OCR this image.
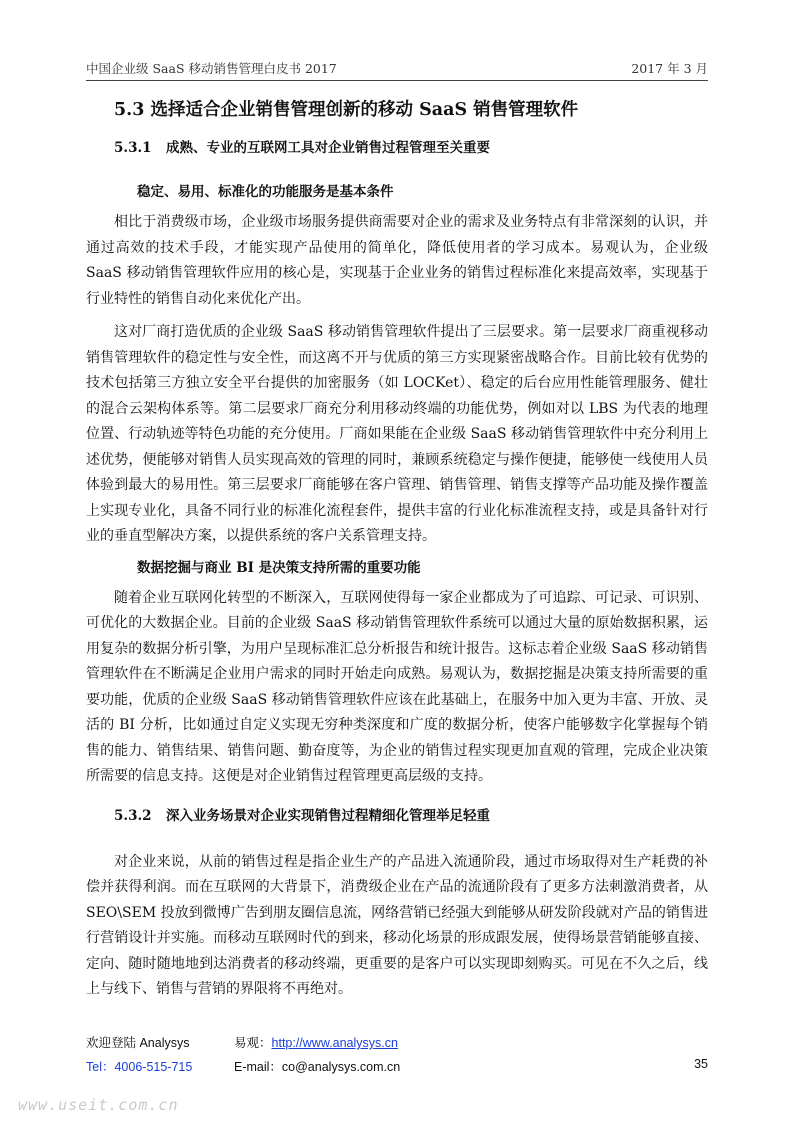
中国企业级 SaaS 移动销售管理白皮书 2017	2017 年 3 月
5.3 选择适合企业销售管理创新的移动 SaaS 销售管理软件
5.3.1 成熟、专业的互联网工具对企业销售过程管理至关重要
稳定、易用、标准化的功能服务是基本条件

相比于消费级市场，企业级市场服务提供商需要对企业的需求及业务特点有非常深刻的认识，并通过高效的技术手段，才能实现产品使用的简单化，降低使用者的学习成本。易观认为，企业级 SaaS 移动销售管理软件应用的核心是，实现基于企业业务的销售过程标准化来提高效率，实现基于行业特性的销售自动化来优化产出。

这对厂商打造优质的企业级 SaaS 移动销售管理软件提出了三层要求。第一层要求厂商重视移动销售管理软件的稳定性与安全性，而这离不开与优质的第三方实现紧密战略合作。目前比较有优势的技术包括第三方独立安全平台提供的加密服务（如 LOCKet）、稳定的后台应用性能管理服务、健壮的混合云架构体系等。第二层要求厂商充分利用移动终端的功能优势，例如对以 LBS 为代表的地理位置、行动轨迹等特色功能的充分使用。厂商如果能在企业级 SaaS 移动销售管理软件中充分利用上述优势，便能够对销售人员实现高效的管理的同时，兼顾系统稳定与操作便捷，能够使一线使用人员体验到最大的易用性。第三层要求厂商能够在客户管理、销售管理、销售支撑等产品功能及操作覆盖上实现专业化，具备不同行业的标准化流程套件，提供丰富的行业化标准流程支持，或是具备针对行业的垂直型解决方案，以提供系统的客户关系管理支持。

数据挖掘与商业 BI 是决策支持所需的重要功能

随着企业互联网化转型的不断深入，互联网使得每一家企业都成为了可追踪、可记录、可识别、可优化的大数据企业。目前的企业级 SaaS 移动销售管理软件系统可以通过大量的原始数据积累，运用复杂的数据分析引擎，为用户呈现标准汇总分析报告和统计报告。这标志着企业级 SaaS 移动销售管理软件在不断满足企业用户需求的同时开始走向成熟。易观认为，数据挖掘是决策支持所需要的重要功能，优质的企业级 SaaS 移动销售管理软件应该在此基础上，在服务中加入更为丰富、开放、灵活的 BI 分析，比如通过自定义实现无穷种类深度和广度的数据分析，使客户能够数字化掌握每个销售的能力、销售结果、销售问题、勤奋度等，为企业的销售过程实现更加直观的管理，完成企业决策所需要的信息支持。这便是对企业销售过程管理更高层级的支持。

5.3.2 深入业务场景对企业实现销售过程精细化管理举足轻重

对企业来说，从前的销售过程是指企业生产的产品进入流通阶段，通过市场取得对生产耗费的补偿并获得利润。而在互联网的大背景下，消费级企业在产品的流通阶段有了更多方法刺激消费者，从 SEO\SEM 投放到微博广告到朋友圈信息流，网络营销已经强大到能够从研发阶段就对产品的销售进行营销设计并实施。而移动互联网时代的到来，移动化场景的形成跟发展，使得场景营销能够直接、定向、随时随地地到达消费者的移动终端，更重要的是客户可以实现即刻购买。可见在不久之后，线上与线下、销售与营销的界限将不再绝对。

欢迎登陆 Analysys	易观：http://www.analysys.cn
Tel：4006-515-715	E-mail：co@analysys.com.cn	35
www.useit.com.cn
